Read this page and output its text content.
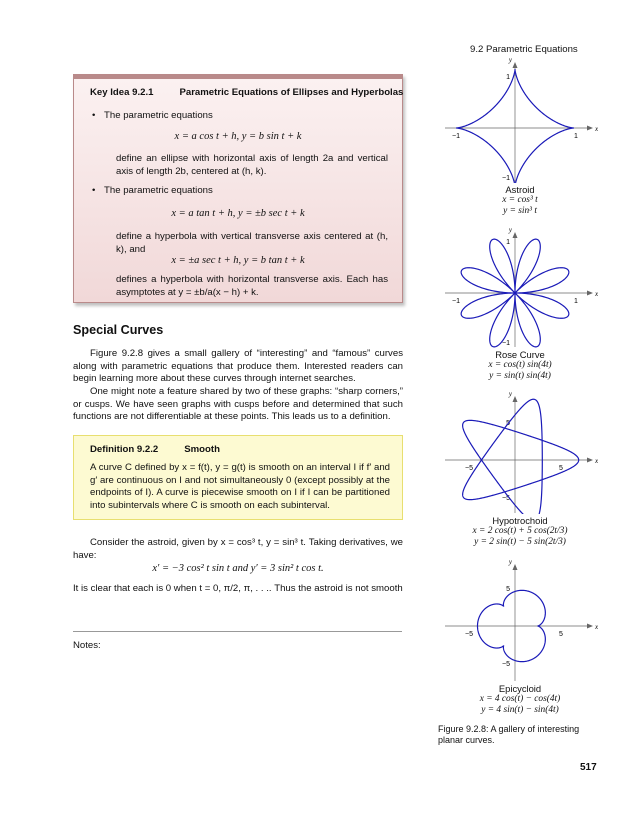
9.2 Parametric Equations
Key Idea 9.2.1	Parametric Equations of Ellipses and Hyperbolas
• The parametric equations
x = a cos t + h, y = b sin t + k
define an ellipse with horizontal axis of length 2a and vertical axis of length 2b, centered at (h, k).
• The parametric equations
x = a tan t + h, y = ±b sec t + k
define a hyperbola with vertical transverse axis centered at (h, k), and
x = ±a sec t + h, y = b tan t + k
defines a hyperbola with horizontal transverse axis. Each has asymptotes at y = ±b/a(x − h) + k.
Special Curves
Figure 9.2.8 gives a small gallery of “interesting” and “famous” curves along with parametric equations that produce them. Interested readers can begin learning more about these curves through internet searches.
One might note a feature shared by two of these graphs: “sharp corners,” or cusps. We have seen graphs with cusps before and determined that such functions are not differentiable at these points. This leads us to a definition.
Definition 9.2.2	Smooth
A curve C defined by x = f(t), y = g(t) is smooth on an interval I if f′ and g′ are continuous on I and not simultaneously 0 (except possibly at the endpoints of I). A curve is piecewise smooth on I if I can be partitioned into subintervals where C is smooth on each subinterval.
Consider the astroid, given by x = cos³ t, y = sin³ t. Taking derivatives, we have:
x′ = −3 cos² t sin t and y′ = 3 sin² t cos t.
It is clear that each is 0 when t = 0, π/2, π, . . .. Thus the astroid is not smooth
Notes:
x
y
1
−1
1
−1
Astroid
x = cos³ t
y = sin³ t
x
y
1
−1
1
−1
Rose Curve
x = cos(t) sin(4t)
y = sin(t) sin(4t)
x
y
5
−5
5
−5
Hypotrochoid
x = 2 cos(t) + 5 cos(2t/3)
y = 2 sin(t) − 5 sin(2t/3)
x
y
5
−5
5
−5
Epicycloid
x = 4 cos(t) − cos(4t)
y = 4 sin(t) − sin(4t)
Figure 9.2.8: A gallery of interesting planar curves.
517
